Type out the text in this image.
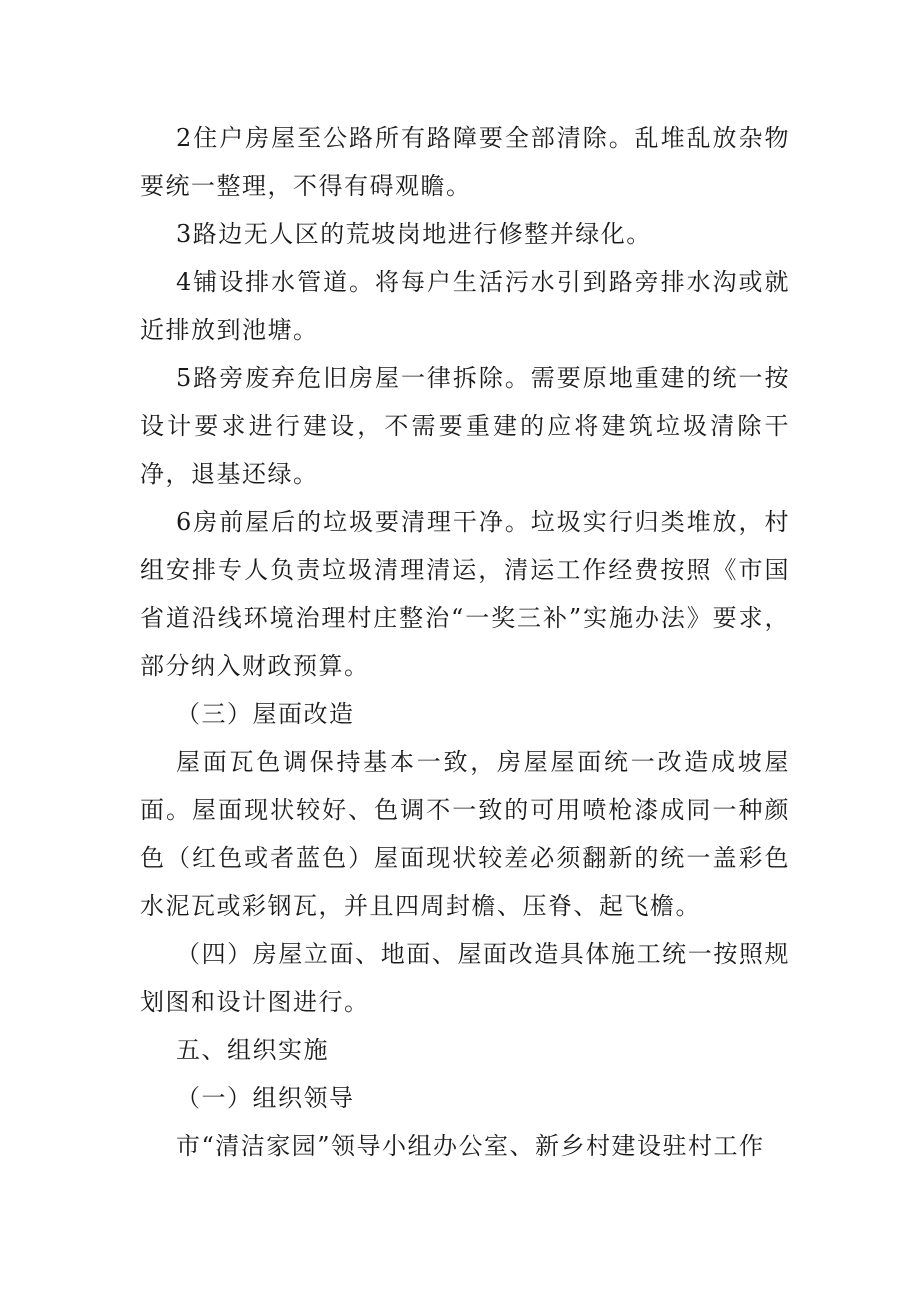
2住户房屋至公路所有路障要全部清除。乱堆乱放杂物要统一整理，不得有碍观瞻。

3路边无人区的荒坡岗地进行修整并绿化。

4铺设排水管道。将每户生活污水引到路旁排水沟或就近排放到池塘。

5路旁废弃危旧房屋一律拆除。需要原地重建的统一按设计要求进行建设，不需要重建的应将建筑垃圾清除干净，退基还绿。

6房前屋后的垃圾要清理干净。垃圾实行归类堆放，村组安排专人负责垃圾清理清运，清运工作经费按照《市国省道沿线环境治理村庄整治“一奖三补”实施办法》要求，部分纳入财政预算。

（三）屋面改造

屋面瓦色调保持基本一致，房屋屋面统一改造成坡屋面。屋面现状较好、色调不一致的可用喷枪漆成同一种颜色（红色或者蓝色）屋面现状较差必须翻新的统一盖彩色水泥瓦或彩钢瓦，并且四周封檐、压脊、起飞檐。

（四）房屋立面、地面、屋面改造具体施工统一按照规划图和设计图进行。

五、组织实施

（一）组织领导

市“清洁家园”领导小组办公室、新乡村建设驻村工作
